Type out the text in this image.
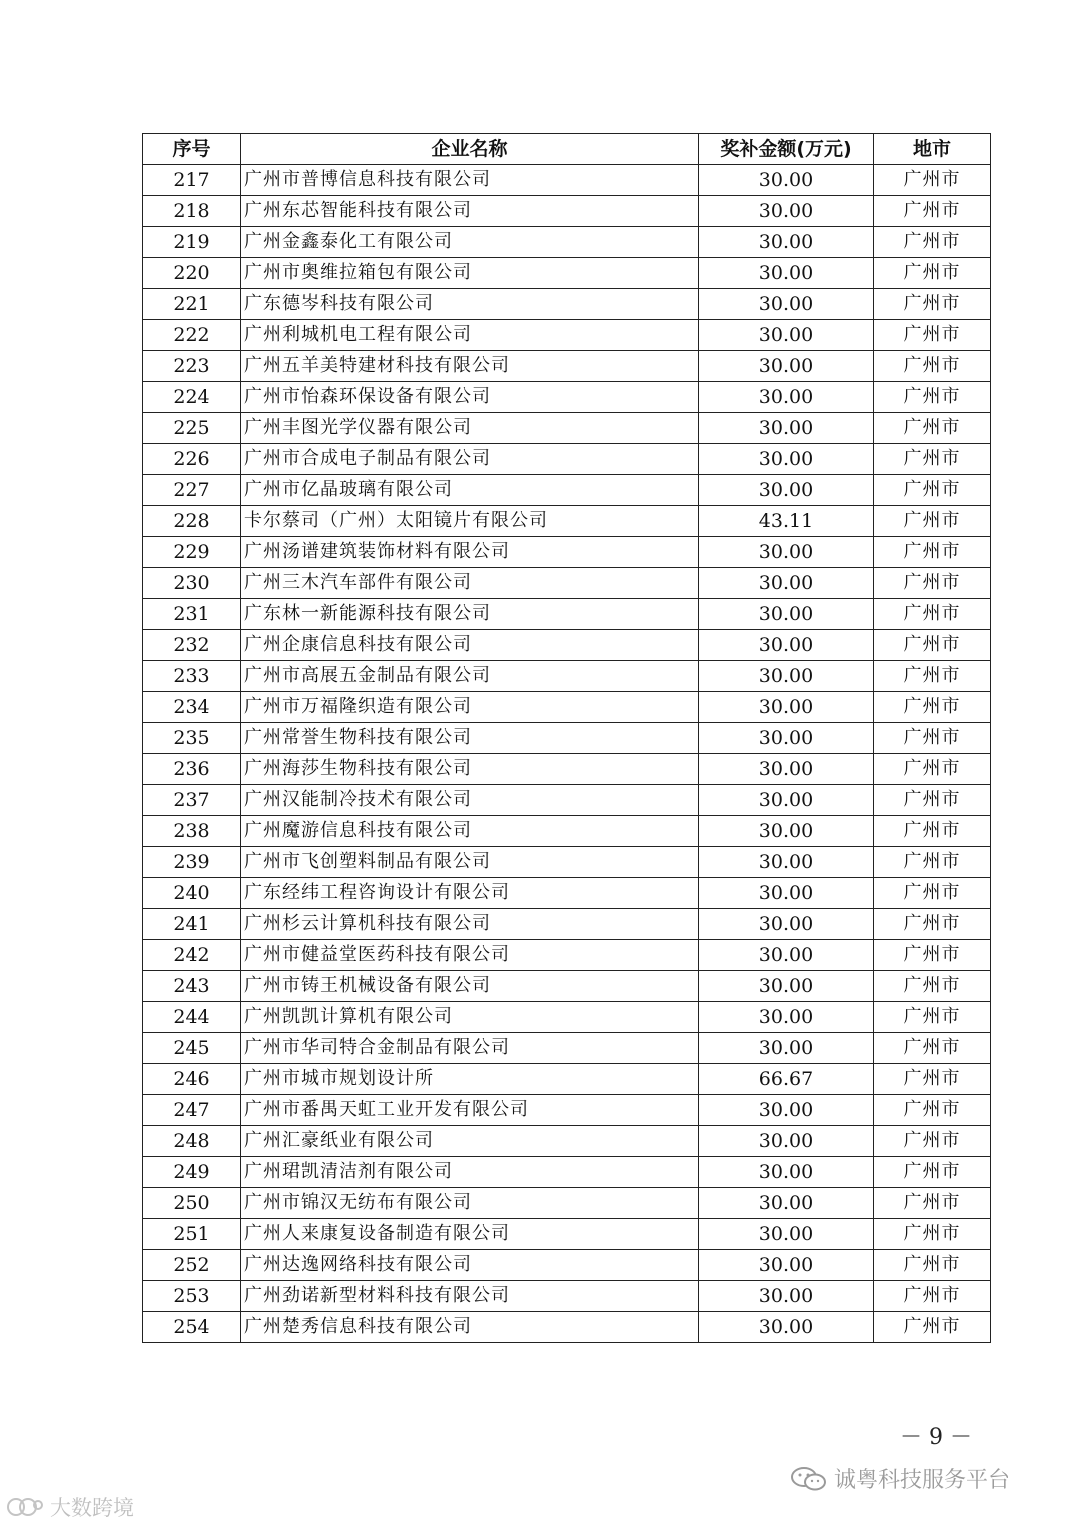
序号	企业名称	奖补金额(万元)	地市
217	广州市普博信息科技有限公司	30.00	广州市
218	广州东芯智能科技有限公司	30.00	广州市
219	广州金鑫泰化工有限公司	30.00	广州市
220	广州市奥维拉箱包有限公司	30.00	广州市
221	广东德岑科技有限公司	30.00	广州市
222	广州利城机电工程有限公司	30.00	广州市
223	广州五羊美特建材科技有限公司	30.00	广州市
224	广州市怡森环保设备有限公司	30.00	广州市
225	广州丰图光学仪器有限公司	30.00	广州市
226	广州市合成电子制品有限公司	30.00	广州市
227	广州市亿晶玻璃有限公司	30.00	广州市
228	卡尔蔡司（广州）太阳镜片有限公司	43.11	广州市
229	广州汤谱建筑装饰材料有限公司	30.00	广州市
230	广州三木汽车部件有限公司	30.00	广州市
231	广东林一新能源科技有限公司	30.00	广州市
232	广州企康信息科技有限公司	30.00	广州市
233	广州市高展五金制品有限公司	30.00	广州市
234	广州市万福隆织造有限公司	30.00	广州市
235	广州常誉生物科技有限公司	30.00	广州市
236	广州海莎生物科技有限公司	30.00	广州市
237	广州汉能制冷技术有限公司	30.00	广州市
238	广州魔游信息科技有限公司	30.00	广州市
239	广州市飞创塑料制品有限公司	30.00	广州市
240	广东经纬工程咨询设计有限公司	30.00	广州市
241	广州杉云计算机科技有限公司	30.00	广州市
242	广州市健益堂医药科技有限公司	30.00	广州市
243	广州市铸王机械设备有限公司	30.00	广州市
244	广州凯凯计算机有限公司	30.00	广州市
245	广州市华司特合金制品有限公司	30.00	广州市
246	广州市城市规划设计所	66.67	广州市
247	广州市番禺天虹工业开发有限公司	30.00	广州市
248	广州汇豪纸业有限公司	30.00	广州市
249	广州珺凯清洁剂有限公司	30.00	广州市
250	广州市锦汉无纺布有限公司	30.00	广州市
251	广州人来康复设备制造有限公司	30.00	广州市
252	广州达逸网络科技有限公司	30.00	广州市
253	广州劲诺新型材料科技有限公司	30.00	广州市
254	广州楚秀信息科技有限公司	30.00	广州市
－ 9 －
诚粤科技服务平台
大数跨境
